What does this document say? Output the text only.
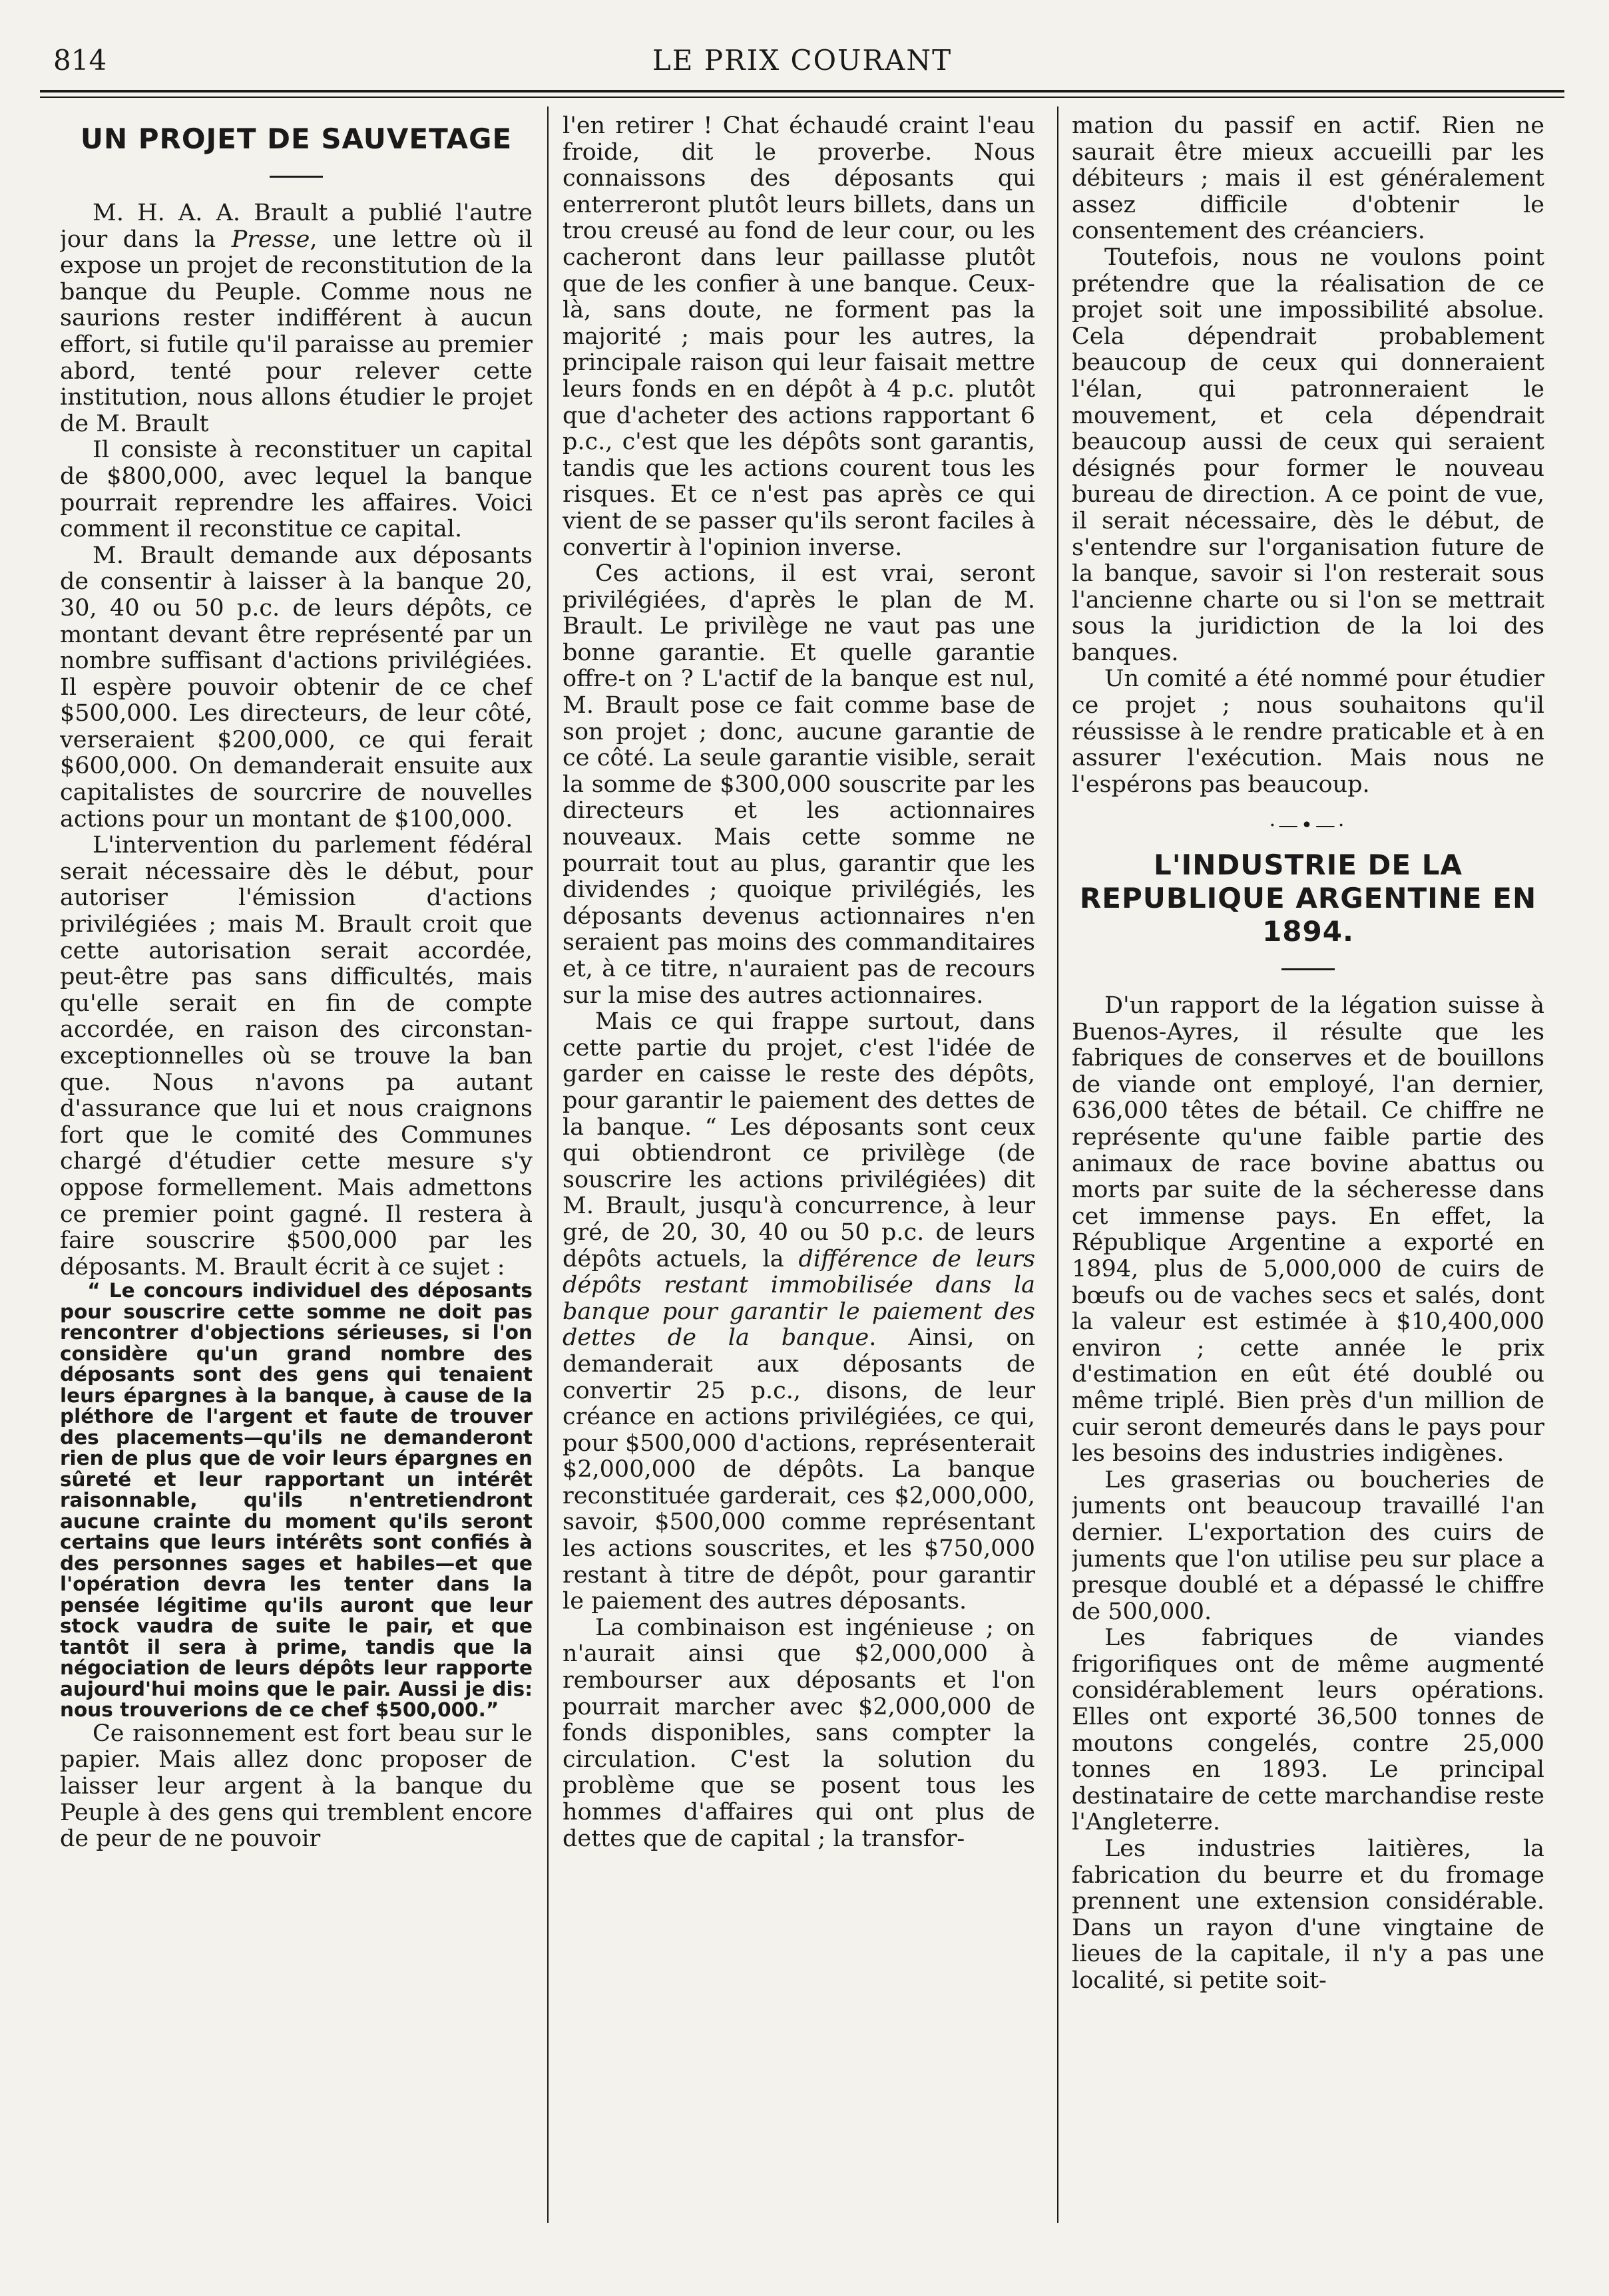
814	LE PRIX COURANT
UN PROJET DE SAUVETAGE

M. H. A. A. Brault a publié l'autre jour dans la Presse, une lettre où il expose un projet de reconstitution de la banque du Peuple. Comme nous ne saurions rester indifférent à aucun effort, si futile qu'il paraisse au premier abord, tenté pour relever cette institution, nous allons étudier le projet de M. Brault

Il consiste à reconstituer un capital de $800,000, avec lequel la banque pourrait reprendre les affaires. Voici comment il reconstitue ce capital.

M. Brault demande aux déposants de consentir à laisser à la banque 20, 30, 40 ou 50 p.c. de leurs dépôts, ce montant devant être représenté par un nombre suffisant d'actions privilégiées. Il espère pouvoir obtenir de ce chef $500,000. Les directeurs, de leur côté, verseraient $200,000, ce qui ferait $600,000. On demanderait ensuite aux capitalistes de sourcrire de nouvelles actions pour un montant de $100,000.

L'intervention du parlement fédéral serait nécessaire dès le début, pour autoriser l'émission d'actions privilégiées ; mais M. Brault croit que cette autorisation serait accordée, peut-être pas sans difficultés, mais qu'elle serait en fin de compte accordée, en raison des circonstan-exceptionnelles où se trouve la ban que. Nous n'avons pa autant d'assurance que lui et nous craignons fort que le comité des Communes chargé d'étudier cette mesure s'y oppose formellement. Mais admettons ce premier point gagné. Il restera à faire souscrire $500,000 par les déposants. M. Brault écrit à ce sujet :

“ Le concours individuel des déposants pour souscrire cette somme ne doit pas rencontrer d'objections sérieuses, si l'on considère qu'un grand nombre des déposants sont des gens qui tenaient leurs épargnes à la banque, à cause de la pléthore de l'argent et faute de trouver des placements—qu'ils ne demanderont rien de plus que de voir leurs épargnes en sûreté et leur rapportant un intérêt raisonnable, qu'ils n'entretiendront aucune crainte du moment qu'ils seront certains que leurs intérêts sont confiés à des personnes sages et habiles—et que l'opération devra les tenter dans la pensée légitime qu'ils auront que leur stock vaudra de suite le pair, et que tantôt il sera à prime, tandis que la négociation de leurs dépôts leur rapporte aujourd'hui moins que le pair. Aussi je dis: nous trouverions de ce chef $500,000.”

Ce raisonnement est fort beau sur le papier. Mais allez donc proposer de laisser leur argent à la banque du Peuple à des gens qui tremblent encore de peur de ne pouvoir

l'en retirer ! Chat échaudé craint l'eau froide, dit le proverbe. Nous connaissons des déposants qui enterreront plutôt leurs billets, dans un trou creusé au fond de leur cour, ou les cacheront dans leur paillasse plutôt que de les confier à une banque. Ceux-là, sans doute, ne forment pas la majorité ; mais pour les autres, la principale raison qui leur faisait mettre leurs fonds en en dépôt à 4 p.c. plutôt que d'acheter des actions rapportant 6 p.c., c'est que les dépôts sont garantis, tandis que les actions courent tous les risques. Et ce n'est pas après ce qui vient de se passer qu'ils seront faciles à convertir à l'opinion inverse.

Ces actions, il est vrai, seront privilégiées, d'après le plan de M. Brault. Le privilège ne vaut pas une bonne garantie. Et quelle garantie offre-t on ? L'actif de la banque est nul, M. Brault pose ce fait comme base de son projet ; donc, aucune garantie de ce côté. La seule garantie visible, serait la somme de $300,000 souscrite par les directeurs et les actionnaires nouveaux. Mais cette somme ne pourrait tout au plus, garantir que les dividendes ; quoique privilégiés, les déposants devenus actionnaires n'en seraient pas moins des commanditaires et, à ce titre, n'auraient pas de recours sur la mise des autres actionnaires.

Mais ce qui frappe surtout, dans cette partie du projet, c'est l'idée de garder en caisse le reste des dépôts, pour garantir le paiement des dettes de la banque. “ Les déposants sont ceux qui obtiendront ce privilège (de souscrire les actions privilégiées) dit M. Brault, jusqu'à concurrence, à leur gré, de 20, 30, 40 ou 50 p.c. de leurs dépôts actuels, la différence de leurs dépôts restant immobilisée dans la banque pour garantir le paiement des dettes de la banque. Ainsi, on demanderait aux déposants de convertir 25 p.c., disons, de leur créance en actions privilégiées, ce qui, pour $500,000 d'actions, représenterait $2,000,000 de dépôts. La banque reconstituée garderait, ces $2,000,000, savoir, $500,000 comme représentant les actions souscrites, et les $750,000 restant à titre de dépôt, pour garantir le paiement des autres déposants.

La combinaison est ingénieuse ; on n'aurait ainsi que $2,000,000 à rembourser aux déposants et l'on pourrait marcher avec $2,000,000 de fonds disponibles, sans compter la circulation. C'est la solution du problème que se posent tous les hommes d'affaires qui ont plus de dettes que de capital ; la transfor-

mation du passif en actif. Rien ne saurait être mieux accueilli par les débiteurs ; mais il est généralement assez difficile d'obtenir le consentement des créanciers.

Toutefois, nous ne voulons point prétendre que la réalisation de ce projet soit une impossibilité absolue. Cela dépendrait probablement beaucoup de ceux qui donneraient l'élan, qui patronneraient le mouvement, et cela dépendrait beaucoup aussi de ceux qui seraient désignés pour former le nouveau bureau de direction. A ce point de vue, il serait nécessaire, dès le début, de s'entendre sur l'organisation future de la banque, savoir si l'on resterait sous l'ancienne charte ou si l'on se mettrait sous la juridiction de la loi des banques.

Un comité a été nommé pour étudier ce projet ; nous souhaitons qu'il réussisse à le rendre praticable et à en assurer l'exécution. Mais nous ne l'espérons pas beaucoup.

·—•—·
L'INDUSTRIE DE LA REPUBLIQUE ARGENTINE EN 1894.

D'un rapport de la légation suisse à Buenos-Ayres, il résulte que les fabriques de conserves et de bouillons de viande ont employé, l'an dernier, 636,000 têtes de bétail. Ce chiffre ne représente qu'une faible partie des animaux de race bovine abattus ou morts par suite de la sécheresse dans cet immense pays. En effet, la République Argentine a exporté en 1894, plus de 5,000,000 de cuirs de bœufs ou de vaches secs et salés, dont la valeur est estimée à $10,400,000 environ ; cette année le prix d'estimation en eût été doublé ou même triplé. Bien près d'un million de cuir seront demeurés dans le pays pour les besoins des industries indigènes.

Les graserias ou boucheries de juments ont beaucoup travaillé l'an dernier. L'exportation des cuirs de juments que l'on utilise peu sur place a presque doublé et a dépassé le chiffre de 500,000.

Les fabriques de viandes frigorifiques ont de même augmenté considérablement leurs opérations. Elles ont exporté 36,500 tonnes de moutons congelés, contre 25,000 tonnes en 1893. Le principal destinataire de cette marchandise reste l'Angleterre.

Les industries laitières, la fabrication du beurre et du fromage prennent une extension considérable. Dans un rayon d'une vingtaine de lieues de la capitale, il n'y a pas une localité, si petite soit-
